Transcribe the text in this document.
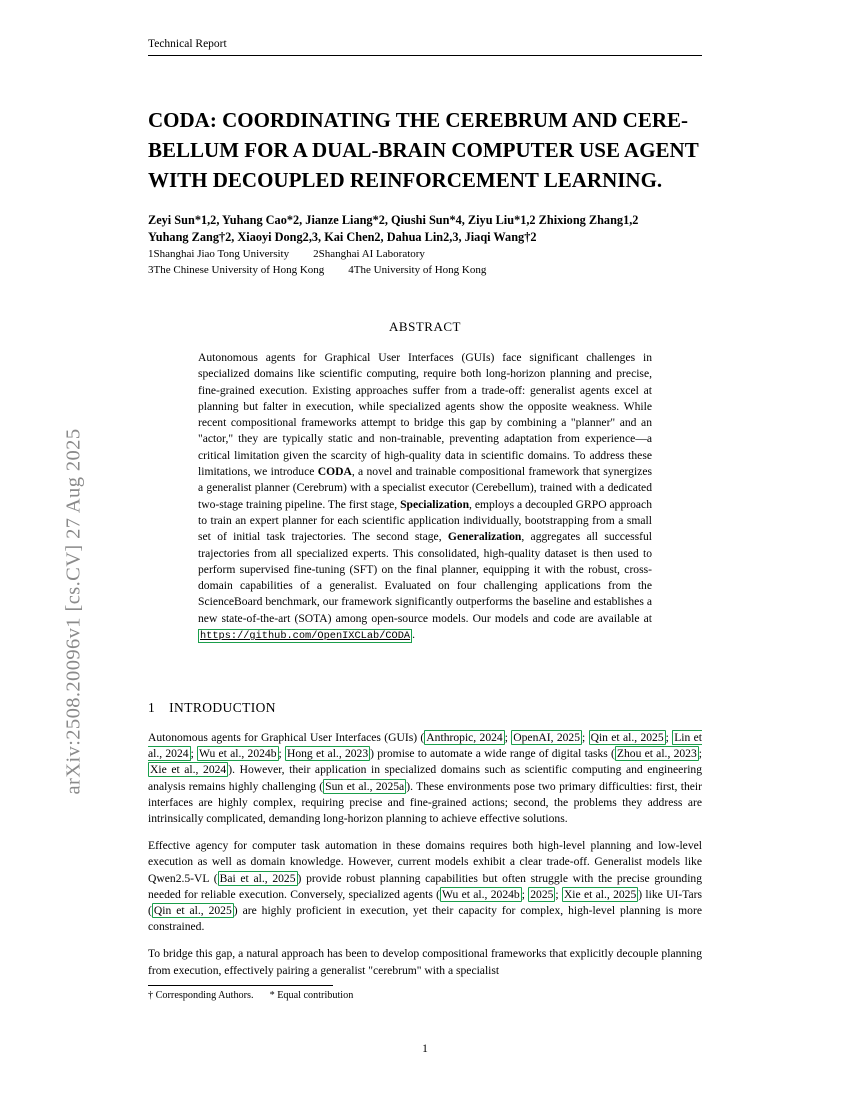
arXiv:2508.20096v1 [cs.CV] 27 Aug 2025
Technical Report
CODA: COORDINATING THE CEREBRUM AND CERE-
BELLUM FOR A DUAL-BRAIN COMPUTER USE AGENT
WITH DECOUPLED REINFORCEMENT LEARNING.
Zeyi Sun*1,2, Yuhang Cao*2, Jianze Liang*2, Qiushi Sun*4, Ziyu Liu*1,2 Zhixiong Zhang1,2
Yuhang Zang†2, Xiaoyi Dong2,3, Kai Chen2, Dahua Lin2,3, Jiaqi Wang†2
1Shanghai Jiao Tong University 2Shanghai AI Laboratory
3The Chinese University of Hong Kong 4The University of Hong Kong
ABSTRACT
Autonomous agents for Graphical User Interfaces (GUIs) face significant challenges in specialized domains like scientific computing, require both long-horizon planning and precise, fine-grained execution. Existing approaches suffer from a trade-off: generalist agents excel at planning but falter in execution, while specialized agents show the opposite weakness. While recent compositional frameworks attempt to bridge this gap by combining a "planner" and an "actor," they are typically static and non-trainable, preventing adaptation from experience—a critical limitation given the scarcity of high-quality data in scientific domains. To address these limitations, we introduce CODA, a novel and trainable compositional framework that synergizes a generalist planner (Cerebrum) with a specialist executor (Cerebellum), trained with a dedicated two-stage training pipeline. The first stage, Specialization, employs a decoupled GRPO approach to train an expert planner for each scientific application individually, bootstrapping from a small set of initial task trajectories. The second stage, Generalization, aggregates all successful trajectories from all specialized experts. This consolidated, high-quality dataset is then used to perform supervised fine-tuning (SFT) on the final planner, equipping it with the robust, cross-domain capabilities of a generalist. Evaluated on four challenging applications from the ScienceBoard benchmark, our framework significantly outperforms the baseline and establishes a new state-of-the-art (SOTA) among open-source models. Our models and code are available at https://github.com/OpenIXCLab/CODA .
1 INTRODUCTION

Autonomous agents for Graphical User Interfaces (GUIs) ( Anthropic, 2024 ; OpenAI, 2025 ; Qin et al., 2025 ; Lin et al., 2024 ; Wu et al., 2024b ; Hong et al., 2023 ) promise to automate a wide range of digital tasks ( Zhou et al., 2023 ; Xie et al., 2024 ). However, their application in specialized domains such as scientific computing and engineering analysis remains highly challenging ( Sun et al., 2025a ). These environments pose two primary difficulties: first, their interfaces are highly complex, requiring precise and fine-grained actions; second, the problems they address are intrinsically complicated, demanding long-horizon planning to achieve effective solutions.

Effective agency for computer task automation in these domains requires both high-level planning and low-level execution as well as domain knowledge. However, current models exhibit a clear trade-off. Generalist models like Qwen2.5-VL ( Bai et al., 2025 ) provide robust planning capabilities but often struggle with the precise grounding needed for reliable execution. Conversely, specialized agents ( Wu et al., 2024b ; 2025 ; Xie et al., 2025 ) like UI-Tars ( Qin et al., 2025 ) are highly proficient in execution, yet their capacity for complex, high-level planning is more constrained.

To bridge this gap, a natural approach has been to develop compositional frameworks that explicitly decouple planning from execution, effectively pairing a generalist "cerebrum" with a specialist

† Corresponding Authors. * Equal contribution
1
